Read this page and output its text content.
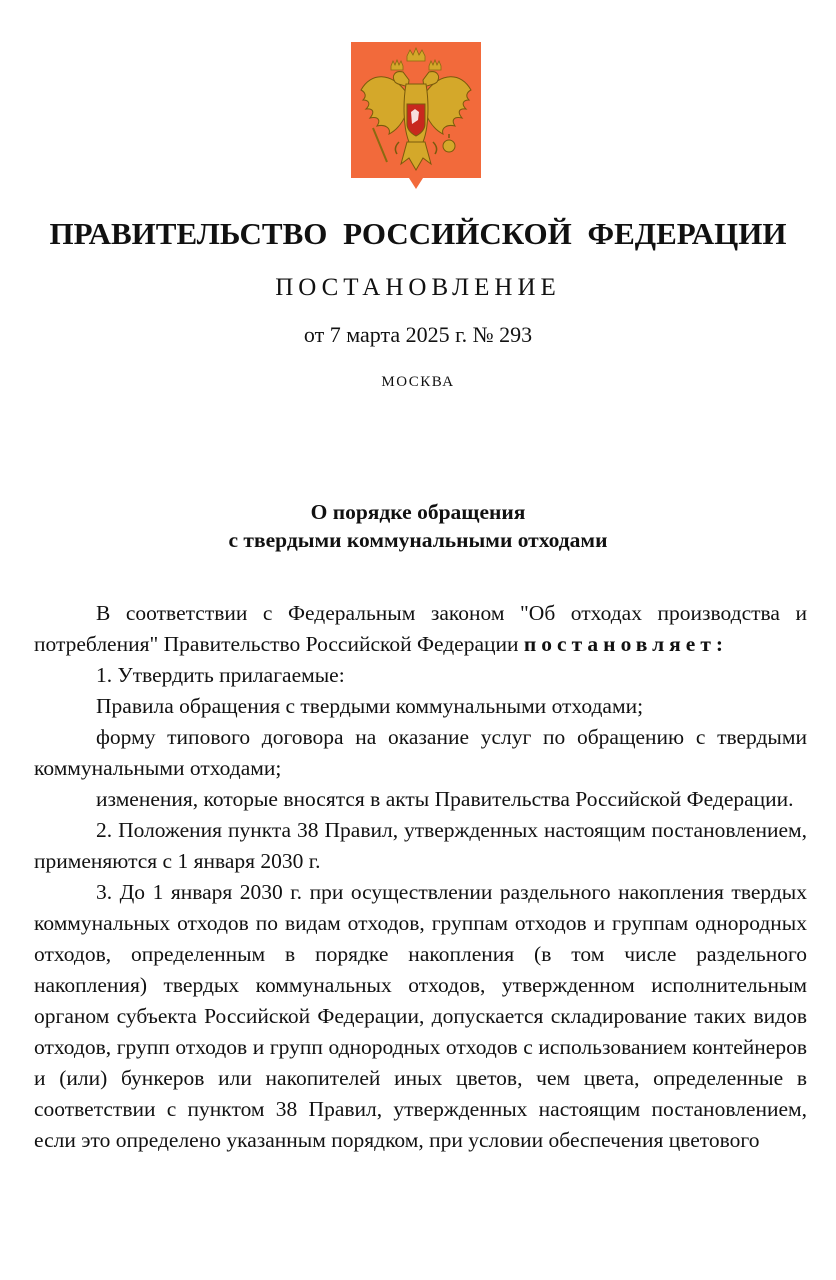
ПРАВИТЕЛЬСТВО РОССИЙСКОЙ ФЕДЕРАЦИИ
ПОСТАНОВЛЕНИЕ
от 7 марта 2025 г. № 293
МОСКВА
О порядке обращения
с твердыми коммунальными отходами

В соответствии с Федеральным законом "Об отходах производства и потребления" Правительство Российской Федерации постановляет:

1. Утвердить прилагаемые:

Правила обращения с твердыми коммунальными отходами;

форму типового договора на оказание услуг по обращению с твердыми коммунальными отходами;

изменения, которые вносятся в акты Правительства Российской Федерации.

2. Положения пункта 38 Правил, утвержденных настоящим постановлением, применяются с 1 января 2030 г.

3. До 1 января 2030 г. при осуществлении раздельного накопления твердых коммунальных отходов по видам отходов, группам отходов и группам однородных отходов, определенным в порядке накопления (в том числе раздельного накопления) твердых коммунальных отходов, утвержденном исполнительным органом субъекта Российской Федерации, допускается складирование таких видов отходов, групп отходов и групп однородных отходов с использованием контейнеров и (или) бункеров или накопителей иных цветов, чем цвета, определенные в соответствии с пунктом 38 Правил, утвержденных настоящим постановлением, если это определено указанным порядком, при условии обеспечения цветового
